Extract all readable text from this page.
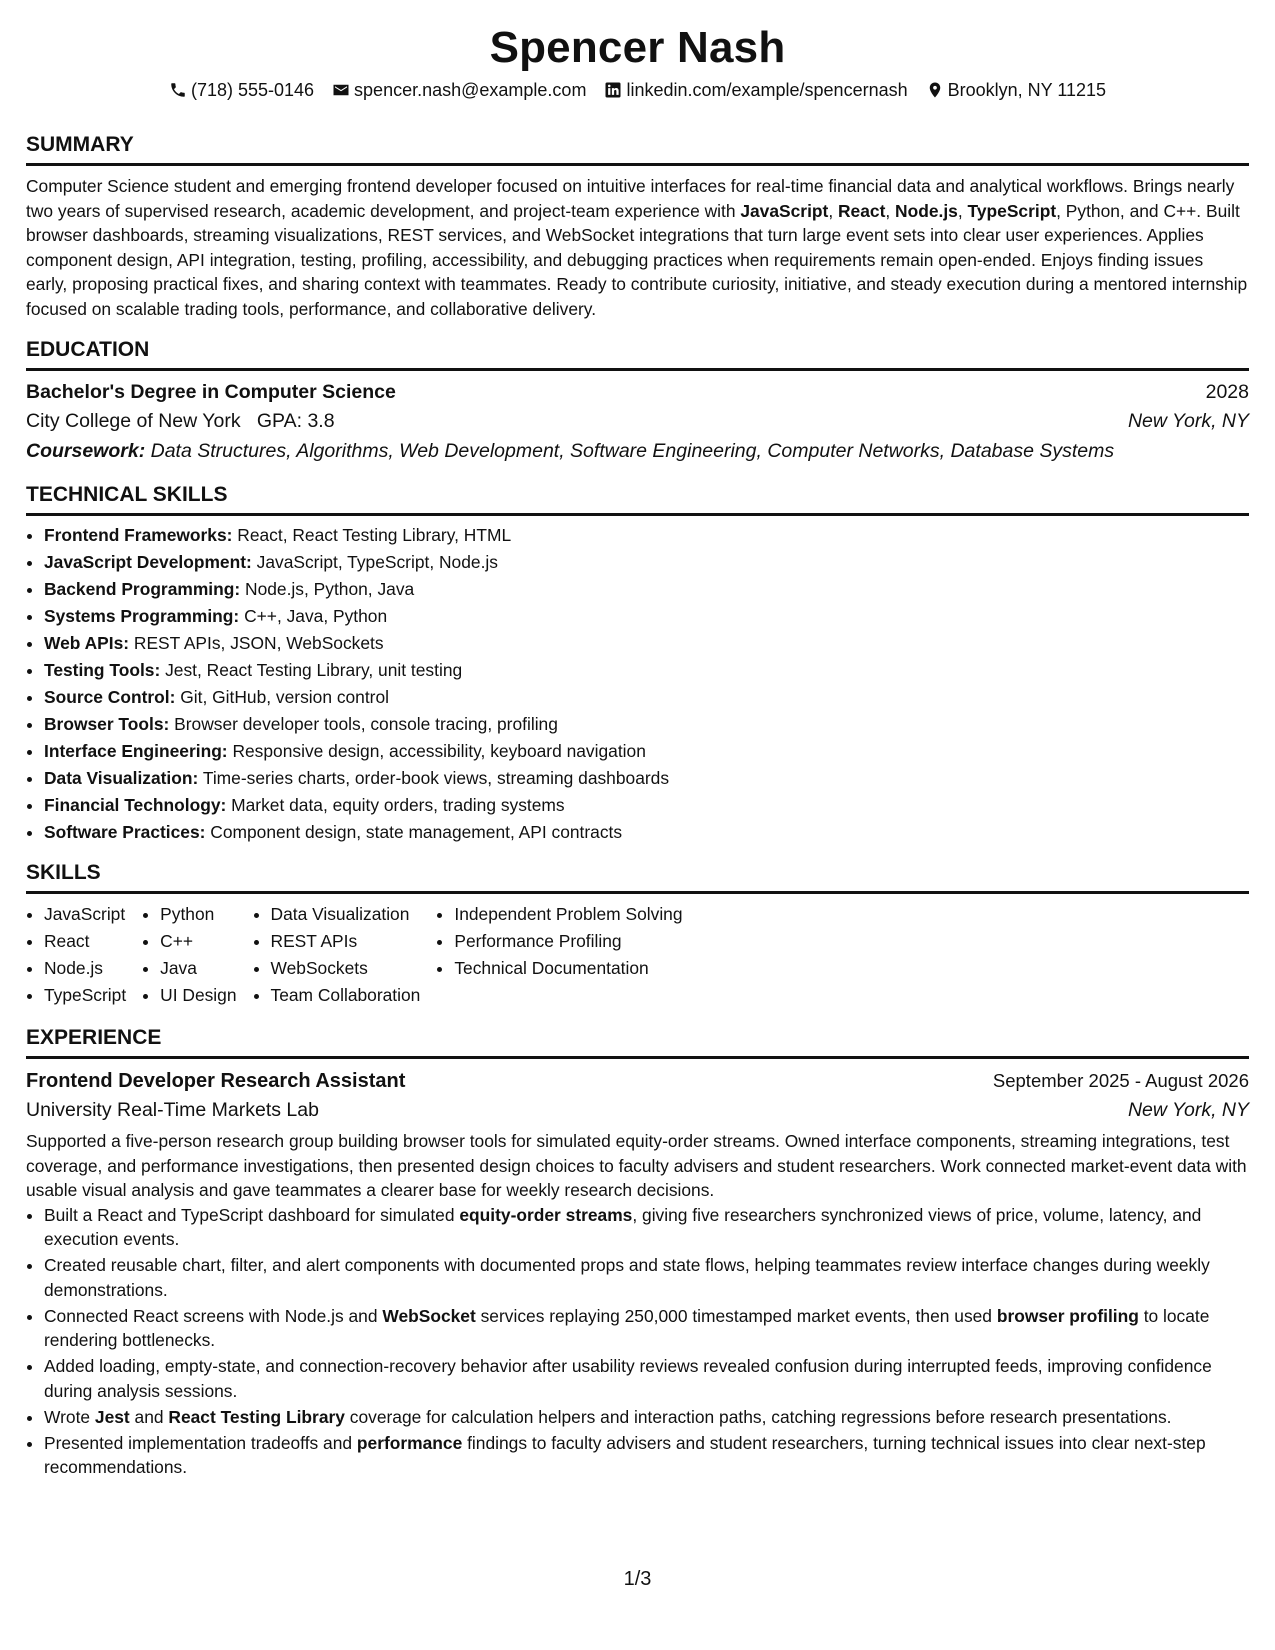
Spencer Nash
(718) 555-0146 spencer.nash@example.com linkedin.com/example/spencernash Brooklyn, NY 11215
SUMMARY
Computer Science student and emerging frontend developer focused on intuitive interfaces for real-time financial data and analytical workflows. Brings nearly two years of supervised research, academic development, and project-team experience with JavaScript, React, Node.js, TypeScript, Python, and C++. Built browser dashboards, streaming visualizations, REST services, and WebSocket integrations that turn large event sets into clear user experiences. Applies component design, API integration, testing, profiling, accessibility, and debugging practices when requirements remain open-ended. Enjoys finding issues early, proposing practical fixes, and sharing context with teammates. Ready to contribute curiosity, initiative, and steady execution during a mentored internship focused on scalable trading tools, performance, and collaborative delivery.
EDUCATION
Bachelor's Degree in Computer Science	2028
City College of New York GPA: 3.8	New York, NY
Coursework: Data Structures, Algorithms, Web Development, Software Engineering, Computer Networks, Database Systems
TECHNICAL SKILLS
• Frontend Frameworks: React, React Testing Library, HTML
• JavaScript Development: JavaScript, TypeScript, Node.js
• Backend Programming: Node.js, Python, Java
• Systems Programming: C++, Java, Python
• Web APIs: REST APIs, JSON, WebSockets
• Testing Tools: Jest, React Testing Library, unit testing
• Source Control: Git, GitHub, version control
• Browser Tools: Browser developer tools, console tracing, profiling
• Interface Engineering: Responsive design, accessibility, keyboard navigation
• Data Visualization: Time-series charts, order-book views, streaming dashboards
• Financial Technology: Market data, equity orders, trading systems
• Software Practices: Component design, state management, API contracts
SKILLS
• JavaScript
• React
• Node.js
• TypeScript
• Python
• C++
• Java
• UI Design
• Data Visualization
• REST APIs
• WebSockets
• Team Collaboration
• Independent Problem Solving
• Performance Profiling
• Technical Documentation
EXPERIENCE
Frontend Developer Research Assistant	September 2025 - August 2026
University Real-Time Markets Lab	New York, NY
Supported a five-person research group building browser tools for simulated equity-order streams. Owned interface components, streaming integrations, test coverage, and performance investigations, then presented design choices to faculty advisers and student researchers. Work connected market-event data with usable visual analysis and gave teammates a clearer base for weekly research decisions.
• Built a React and TypeScript dashboard for simulated equity-order streams, giving five researchers synchronized views of price, volume, latency, and execution events.
• Created reusable chart, filter, and alert components with documented props and state flows, helping teammates review interface changes during weekly demonstrations.
• Connected React screens with Node.js and WebSocket services replaying 250,000 timestamped market events, then used browser profiling to locate rendering bottlenecks.
• Added loading, empty-state, and connection-recovery behavior after usability reviews revealed confusion during interrupted feeds, improving confidence during analysis sessions.
• Wrote Jest and React Testing Library coverage for calculation helpers and interaction paths, catching regressions before research presentations.
• Presented implementation tradeoffs and performance findings to faculty advisers and student researchers, turning technical issues into clear next-step recommendations.
1/3
